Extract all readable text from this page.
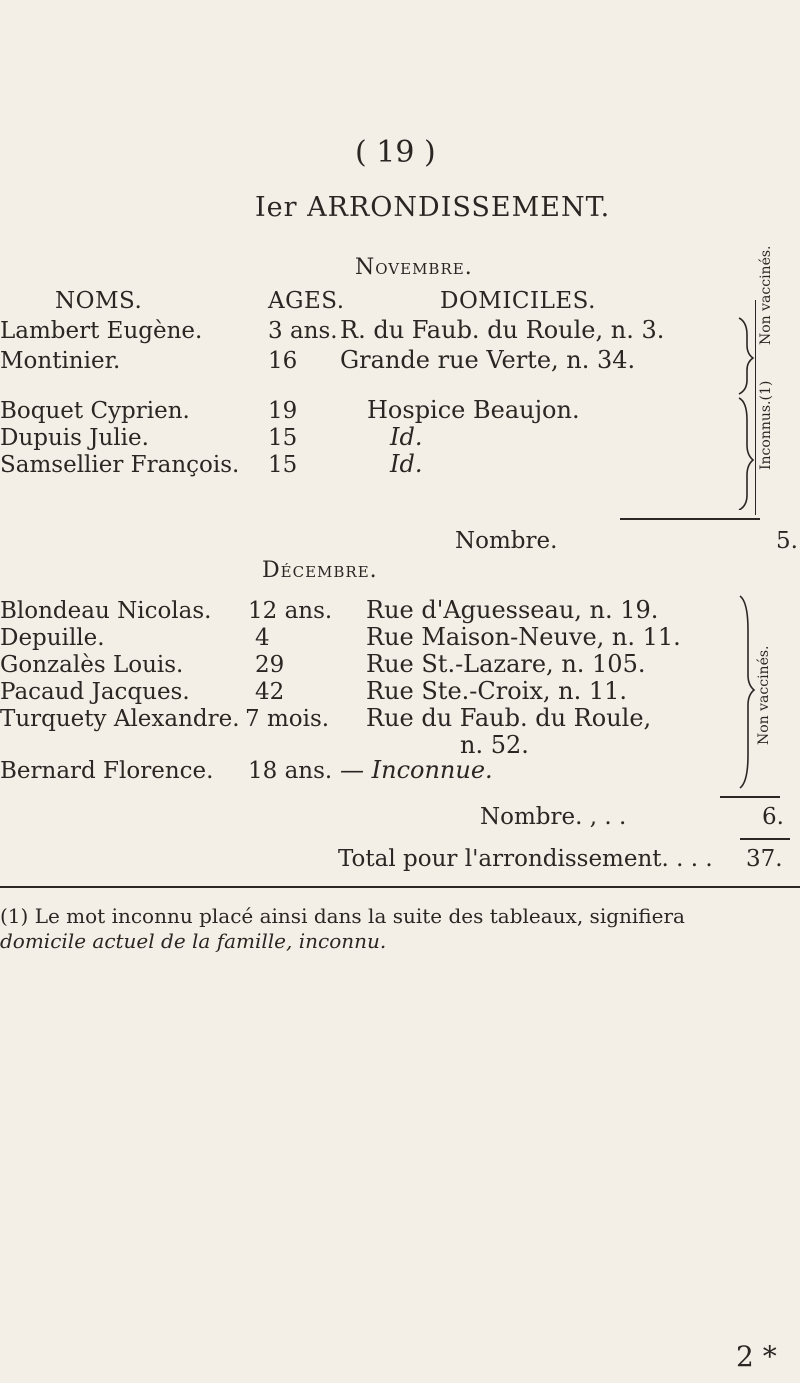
( 19 )
Ier ARRONDISSEMENT.
Novembre.
NOMS.	AGES.	DOMICILES.
Lambert Eugène.	3 ans. R. du Faub. du Roule, n. 3.
Montinier.	16 Grande rue Verte, n. 34.
Boquet Cyprien.	19	Hospice Beaujon.
Dupuis Julie.	15	Id.
Samsellier François. 15	Id.
Non vaccinés.
Inconnus.(1)
Nombre.	5.
Décembre.
Blondeau Nicolas. 12 ans. Rue d'Aguesseau, n. 19.
Depuille.	4	Rue Maison-Neuve, n. 11.
Gonzalès Louis.	29	Rue St.-Lazare, n. 105.
Pacaud Jacques.	42	Rue Ste.-Croix, n. 11.
Turquety Alexandre. 7 mois. Rue du Faub. du Roule,
n. 52.
Bernard Florence. 18 ans. — Inconnue.
Non vaccinés.
Nombre. , . .	6.
Total pour l'arrondissement. . . . 37.
(1) Le mot inconnu placé ainsi dans la suite des tableaux, signifiera
domicile actuel de la famille, inconnu.
2 *
